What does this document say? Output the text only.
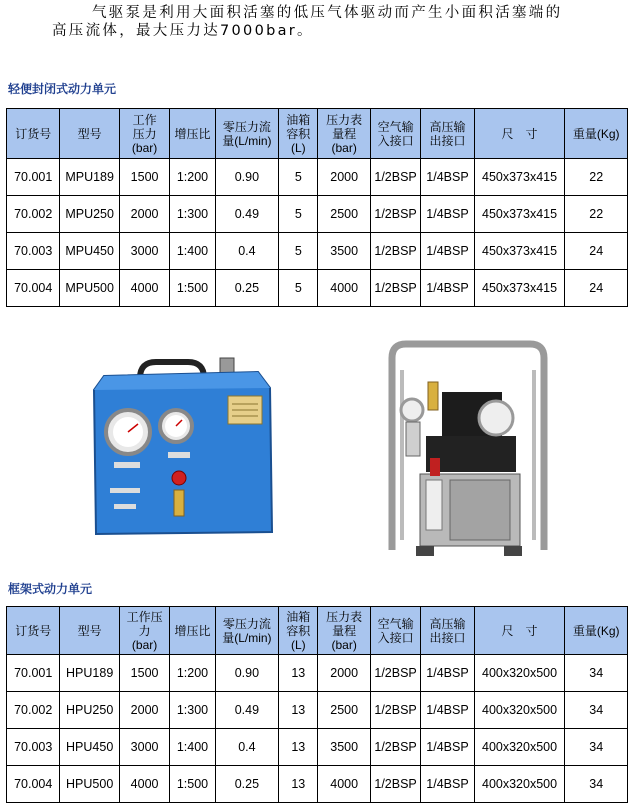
气驱泵是利用大面积活塞的低压气体驱动而产生小面积活塞端的
高压流体，最大压力达7000bar。
轻便封闭式动力单元
订货号	型号	工作
压力
(bar)	增压比	零压力流
量(L/min)	油箱
容积
(L)	压力表
量程
(bar)	空气输
入接口	高压输
出接口	尺　寸	重量(Kg)
70.001	MPU189	1500	1:200	0.90	5	2000	1/2BSP	1/4BSP	450x373x415	22
70.002	MPU250	2000	1:300	0.49	5	2500	1/2BSP	1/4BSP	450x373x415	22
70.003	MPU450	3000	1:400	0.4	5	3500	1/2BSP	1/4BSP	450x373x415	24
70.004	MPU500	4000	1:500	0.25	5	4000	1/2BSP	1/4BSP	450x373x415	24
框架式动力单元
订货号	型号	工作压
力
(bar)	增压比	零压力流
量(L/min)	油箱
容积
(L)	压力表
量程
(bar)	空气输
入接口	高压输
出接口	尺　寸	重量(Kg)
70.001	HPU189	1500	1:200	0.90	13	2000	1/2BSP	1/4BSP	400x320x500	34
70.002	HPU250	2000	1:300	0.49	13	2500	1/2BSP	1/4BSP	400x320x500	34
70.003	HPU450	3000	1:400	0.4	13	3500	1/2BSP	1/4BSP	400x320x500	34
70.004	HPU500	4000	1:500	0.25	13	4000	1/2BSP	1/4BSP	400x320x500	34
